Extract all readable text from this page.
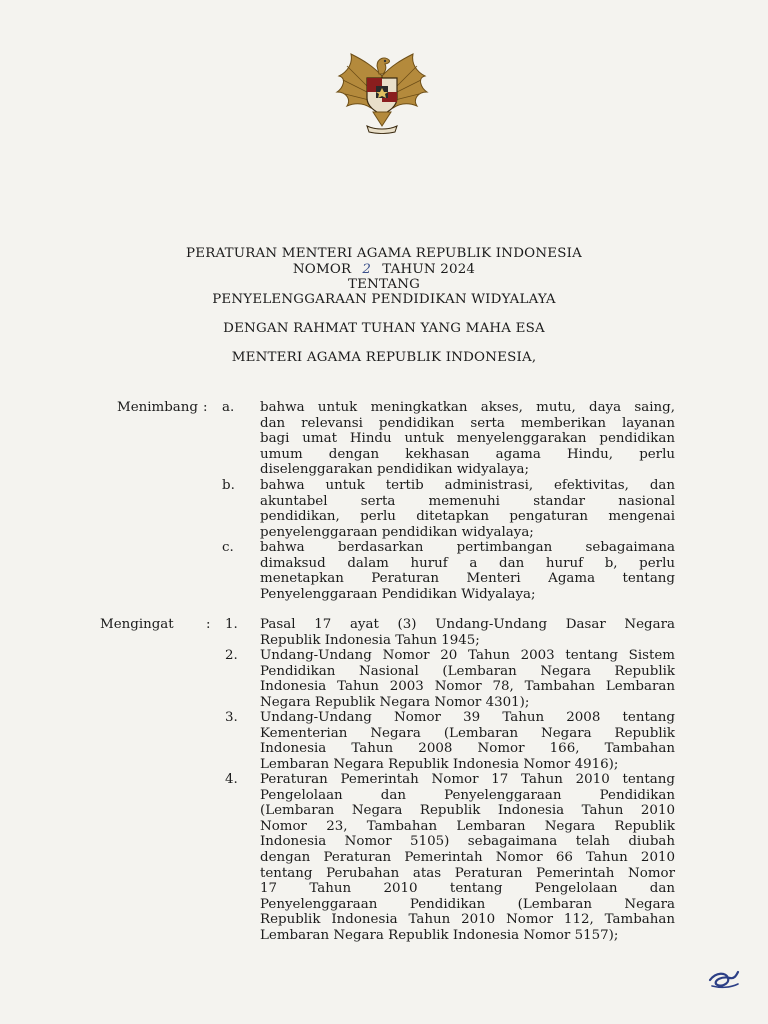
PERATURAN MENTERI AGAMA REPUBLIK INDONESIA
NOMOR 2 TAHUN 2024
TENTANG
PENYELENGGARAAN PENDIDIKAN WIDYALAYA
DENGAN RAHMAT TUHAN YANG MAHA ESA
MENTERI AGAMA REPUBLIK INDONESIA,
Menimbang : a. bahwa untuk meningkatkan akses, mutu, daya saing,
dan relevansi pendidikan serta memberikan layanan
bagi umat Hindu untuk menyelenggarakan pendidikan
umum dengan kekhasan agama Hindu, perlu
diselenggarakan pendidikan widyalaya;
b. bahwa untuk tertib administrasi, efektivitas, dan
akuntabel serta memenuhi standar nasional
pendidikan, perlu ditetapkan pengaturan mengenai
penyelenggaraan pendidikan widyalaya;
c. bahwa berdasarkan pertimbangan sebagaimana
dimaksud dalam huruf a dan huruf b, perlu
menetapkan Peraturan Menteri Agama tentang
Penyelenggaraan Pendidikan Widyalaya;
Mengingat : 1. Pasal 17 ayat (3) Undang-Undang Dasar Negara
Republik Indonesia Tahun 1945;
2. Undang-Undang Nomor 20 Tahun 2003 tentang Sistem
Pendidikan Nasional (Lembaran Negara Republik
Indonesia Tahun 2003 Nomor 78, Tambahan Lembaran
Negara Republik Negara Nomor 4301);
3. Undang-Undang Nomor 39 Tahun 2008 tentang
Kementerian Negara (Lembaran Negara Republik
Indonesia Tahun 2008 Nomor 166, Tambahan
Lembaran Negara Republik Indonesia Nomor 4916);
4. Peraturan Pemerintah Nomor 17 Tahun 2010 tentang
Pengelolaan dan Penyelenggaraan Pendidikan
(Lembaran Negara Republik Indonesia Tahun 2010
Nomor 23, Tambahan Lembaran Negara Republik
Indonesia Nomor 5105) sebagaimana telah diubah
dengan Peraturan Pemerintah Nomor 66 Tahun 2010
tentang Perubahan atas Peraturan Pemerintah Nomor
17 Tahun 2010 tentang Pengelolaan dan
Penyelenggaraan Pendidikan (Lembaran Negara
Republik Indonesia Tahun 2010 Nomor 112, Tambahan
Lembaran Negara Republik Indonesia Nomor 5157);
